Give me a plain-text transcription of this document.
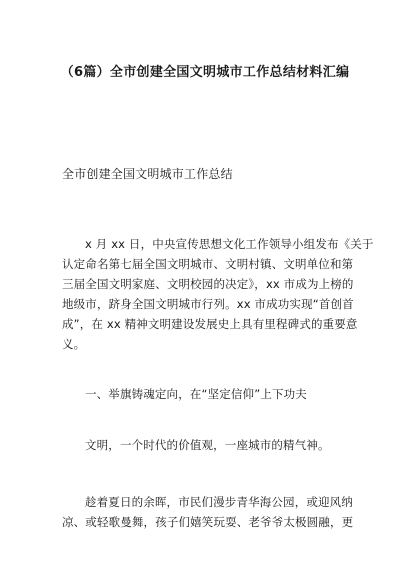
（6篇）全市创建全国文明城市工作总结材料汇编
全市创建全国文明城市工作总结
x 月 xx 日，中央宣传思想文化工作领导小组发布《关于
认定命名第七届全国文明城市、文明村镇、文明单位和第
三届全国文明家庭、文明校园的决定》，xx 市成为上榜的
地级市，跻身全国文明城市行列。xx 市成功实现“首创首
成”，在 xx 精神文明建设发展史上具有里程碑式的重要意
义。
一、举旗铸魂定向，在“坚定信仰”上下功夫
文明，一个时代的价值观，一座城市的精气神。
趁着夏日的余晖，市民们漫步青华海公园，或迎风纳
凉、或轻歌曼舞，孩子们嬉笑玩耍、老爷爷太极圆融，更
